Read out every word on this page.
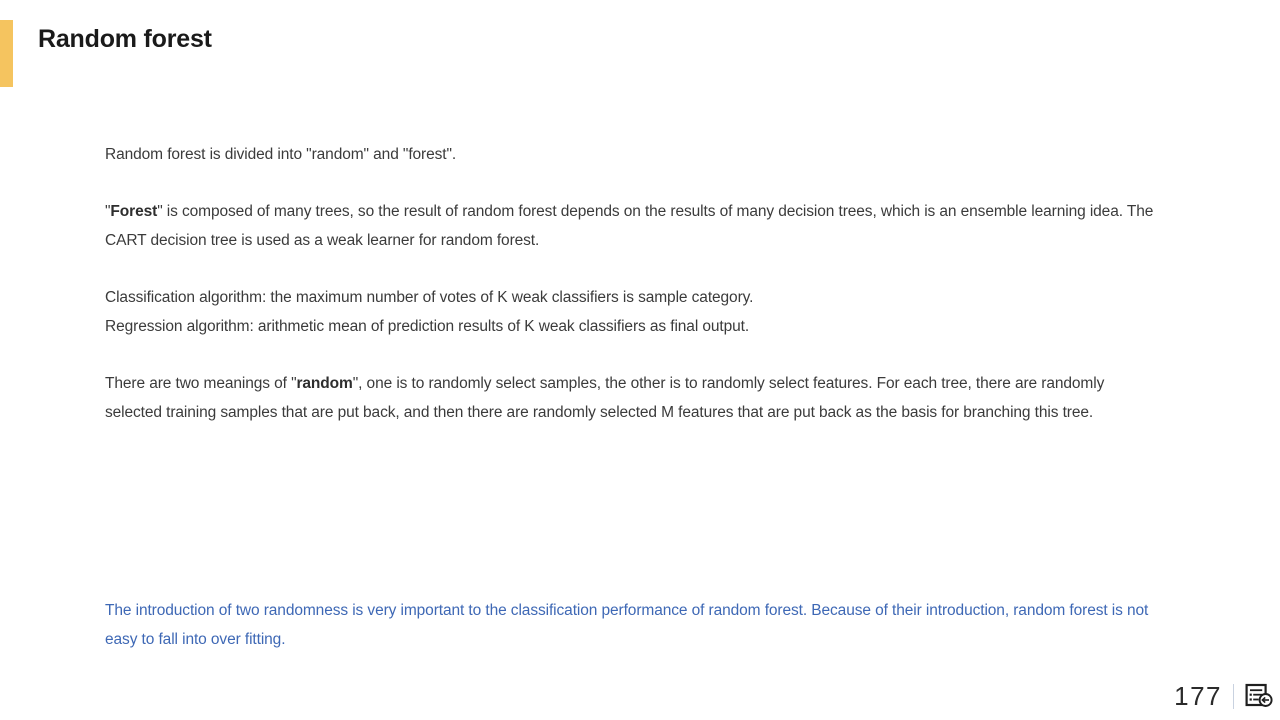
Random forest

Random forest is divided into "random" and "forest".

"Forest" is composed of many trees, so the result of random forest depends on the results of many decision trees, which is an ensemble learning idea. The CART decision tree is used as a weak learner for random forest.

Classification algorithm: the maximum number of votes of K weak classifiers is sample category.
Regression algorithm: arithmetic mean of prediction results of K weak classifiers as final output.

There are two meanings of "random", one is to randomly select samples, the other is to randomly select features. For each tree, there are randomly selected training samples that are put back, and then there are randomly selected M features that are put back as the basis for branching this tree.

The introduction of two randomness is very important to the classification performance of random forest. Because of their introduction, random forest is not easy to fall into over fitting.

177
